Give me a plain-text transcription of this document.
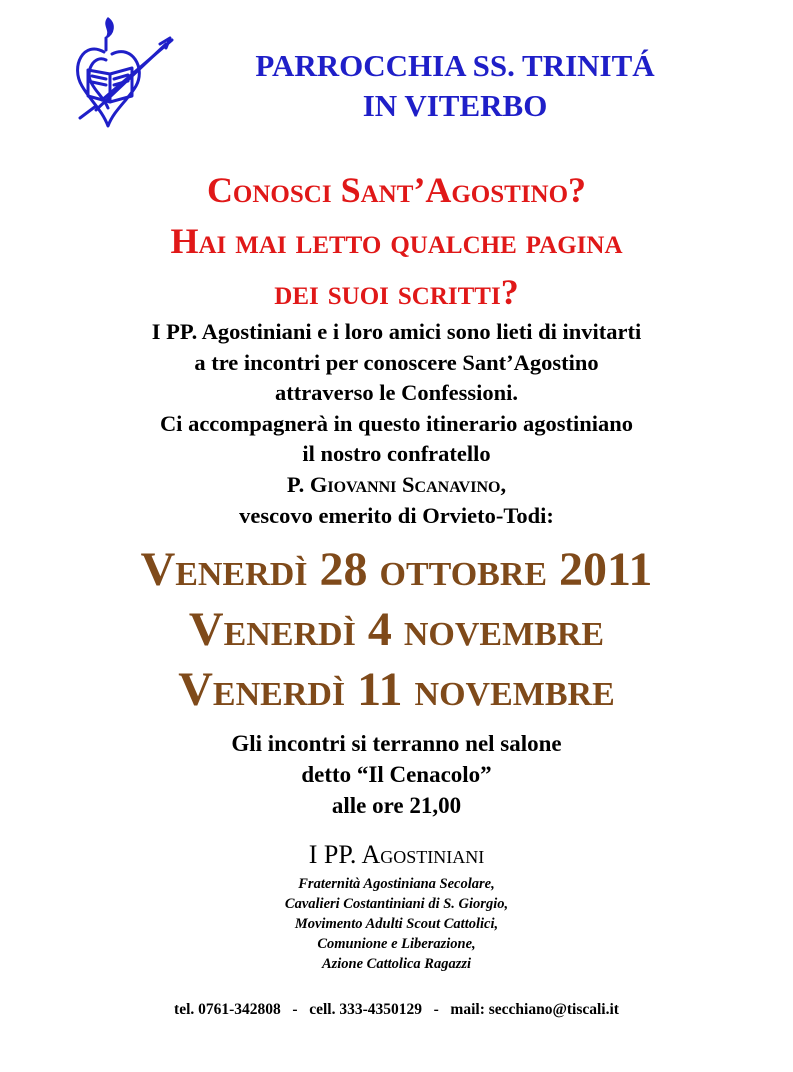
PARROCCHIA SS. TRINITÁ
IN VITERBO
Conosci Sant’Agostino?
Hai mai letto qualche pagina
dei suoi scritti?
I PP. Agostiniani e i loro amici sono lieti di invitarti
a tre incontri per conoscere Sant’Agostino
attraverso le Confessioni.
Ci accompagnerà in questo itinerario agostiniano
il nostro confratello
P. Giovanni Scanavino,
vescovo emerito di Orvieto-Todi:
Venerdì 28 ottobre 2011
Venerdì 4 novembre
Venerdì 11 novembre
Gli incontri si terranno nel salone
detto “Il Cenacolo”
alle ore 21,00
I PP. Agostiniani
Fraternità Agostiniana Secolare,
Cavalieri Costantiniani di S. Giorgio,
Movimento Adulti Scout Cattolici,
Comunione e Liberazione,
Azione Cattolica Ragazzi
tel. 0761-342808   -   cell. 333-4350129   -   mail: secchiano@tiscali.it
